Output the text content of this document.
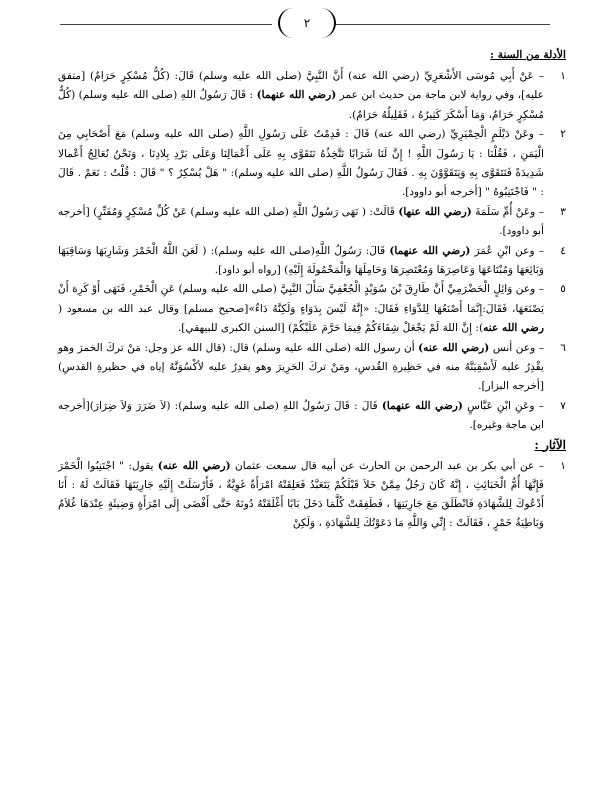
٢
الأدلة من السنة :
١
– عَنْ أَبِي مُوسَى الأَشْعَرِيِّ (رضي الله عنه) أَنَّ النَّبِيَّ (صلى الله عليه وسلم) قَالَ: (كُلُّ مُسْكِرٍ حَرَامٌ) [متفق عليه]، وفي رواية لابن ماجة من حديث ابن عمر (رضي الله عنهما) : قَالَ رَسُولُ اللهِ (صلى الله عليه وسلم) (كُلُّ مُسْكِرٍ حَرَامٌ، وَمَا أَسْكَرَ كَثِيرُهُ ، فَقَلِيلُهُ حَرَامٌ).
٢
– وعَنْ دَيْلَمٍ الْحِمْيَرِيِّ (رضي الله عنه) قَالَ : قَدِمْتُ عَلَى رَسُولِ اللَّهِ (صلى الله عليه وسلم) مَعَ أَصْحَابِي مِنَ الْيَمَنِ ، فَقُلْنَا : يَا رَسُولَ اللَّهِ ! إِنَّ لَنَا شَرَابًا نَتَّخِذُهُ نَتَقَوَّى بِهِ عَلَى أَعْمَالِنَا وَعَلَى بَرْدِ بِلادِنَا ، وَنَحْنُ نُعَالِجُ أَعْمالا شَدِيدَةً فَنَتَقَوَّى بِهِ وَيَتَقَوَّوْنَ بِهِ . فَقَالَ رَسُولُ اللَّهِ (صلى الله عليه وسلم): " هَلْ يُسْكِرُ ؟ " قَالَ : قُلْتُ : نَعَمْ . قَالَ : " فَاجْتَنِبُوهُ " [أخرجه أبو داوود].
٣
– وعَنْ أُمِّ سَلَمَةَ (رضي الله عنها) قَالَتْ: ( نَهَى رَسُولُ اللَّهِ (صلى الله عليه وسلم) عَنْ كُلِّ مُسْكِرٍ وَمُفَتِّرٍ) [أخرجه أبو داوود].
٤
– وعن ابْنِ عُمَرَ (رضي الله عنهما) قَالَ: رَسُولُ اللَّهِ(صلى الله عليه وسلم): ( لَعَنَ اللَّهُ الْخَمْرَ وَشَارِبَهَا وَسَاقِيَهَا وَبَائِعَهَا وَمُبْتَاعَهَا وَعَاصِرَهَا وَمُعْتَصِرَهَا وَحَامِلَهَا وَالْمَحْمُولَةَ إِلَيْهِ) [رواه أبو داود].
٥
– وعن وَائِلٍ الْحَضْرَمِيِّ أَنَّ طَارِقَ بْنَ سُوَيْدٍ الْجُعْفِيَّ سَأَلَ النَّبِيَّ (صلى الله عليه وسلم) عَنِ الْخَمْرِ، فَنَهَى أَوْ كَرِهَ أَنْ يَصْنَعَهَا، فَقَالَ:إِنَّمَا أَصْنَعُهَا لِلدَّوَاءِ فَقَالَ: «إِنَّهُ لَيْسَ بِدَوَاءٍ وَلَكِنَّهُ دَاءٌ»[صحيح مسلم] وقال عبد الله بن مسعود ( رضي الله عنه): إِنَّ اللهَ لَمْ يَجْعَلْ شِفَاءَكُمْ فِيمَا حَرَّمَ عَلَيْكُمْ) [السنن الكبرى للبيهقي].
٦
– وعن أنس (رضي الله عنه) أن رسول الله (صلى الله عليه وسلم) قال: (قال الله عز وجل: مَنْ تركَ الخمرَ وهو يقْدِرُ عليه لَأَسْقِيَنَّهُ منه في حَظِيرةِ القُدسِ، ومَنْ تركَ الحَرِيرَ وهو يقدِرُ عليه لأكْسُوَنَّهُ إياه في حظيرةِ القدسِ)[أخرجه البزار].
٧
– وعَنِ ابْنِ عَبَّاسٍ (رضي الله عنهما) قَالَ : قَالَ رَسُولُ اللهِ (صلى الله عليه وسلم): (لاَ ضَرَرَ وَلاَ ضِرَارَ)[أخرجه ابن ماجة وغيره].
الآثار :
١
– عن أبي بكر بن عبد الرحمن بن الحارث عن أبيه قال سمعت عثمان (رضي الله عنه) يقول: " اجْتَنِبُوا الْخَمْرَ فَإِنَّهَا أُمُّ الْخَبَائِثِ ، إِنَّهُ كَانَ رَجُلٌ مِمَّنْ خَلاَ قَبْلَكُمْ يَتَعَبَّدُ فَعَلِقَتْهُ امْرَأَةٌ غَوِيَّةٌ ، فَأَرْسَلَتْ إِلَيْهِ جَارِيَتَهَا فَقَالَتْ لَهُ : أَنَا أَدْعُوكَ لِلشَّهَادَةِ فَانْطَلَقَ مَعَ جَارِيَتِهَا ، فَطَفِقَتْ كُلَّمَا دَخَلَ بَابًا أَغْلَقَتْهُ دُونَهُ حَتَّى أَفْضَى إِلَى امْرَأَةٍ وَضِيئَةٍ عِنْدَهَا غُلاَمٌ وَبَاطِيَةُ خَمْرٍ ، فَقَالَتْ : إِنِّي وَاللَّهِ مَا دَعَوْتُكَ لِلشَّهَادَةِ ، وَلَكِنْ
